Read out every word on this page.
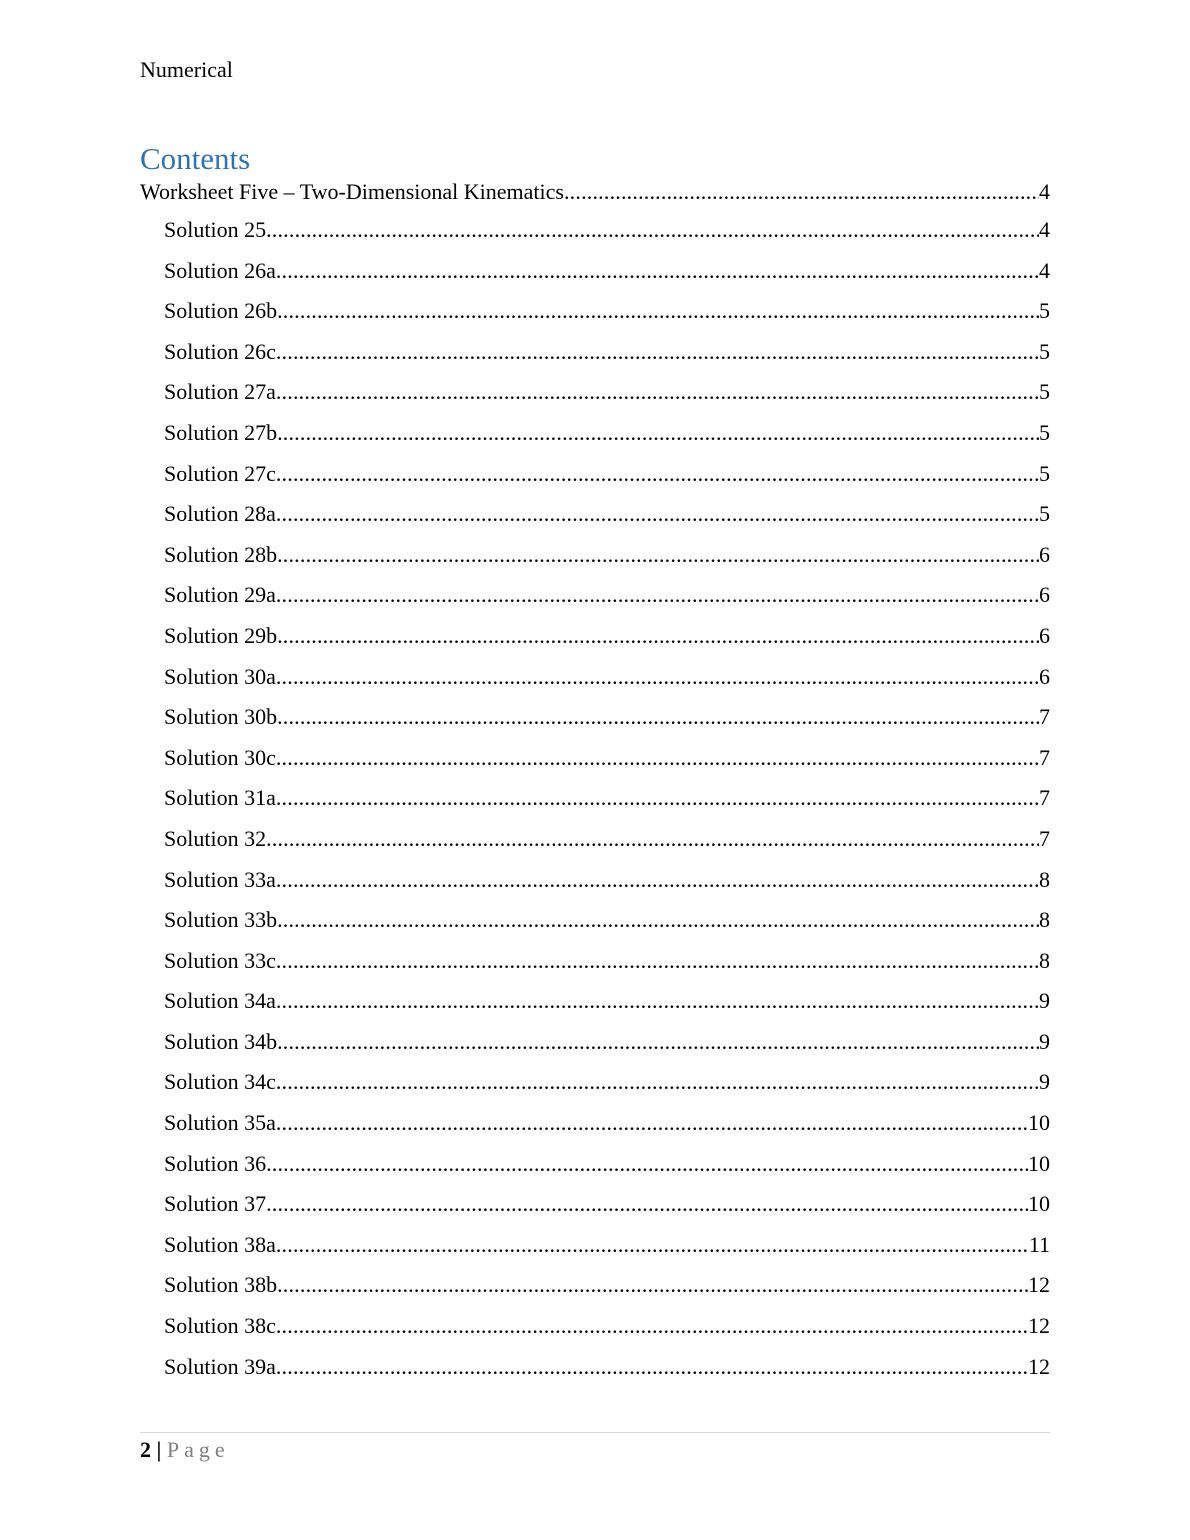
Numerical
Contents
Worksheet Five – Two-Dimensional Kinematics .....	4
Solution 25 .....	4
Solution 26a .....	4
Solution 26b .....	5
Solution 26c .....	5
Solution 27a .....	5
Solution 27b .....	5
Solution 27c .....	5
Solution 28a .....	5
Solution 28b .....	6
Solution 29a .....	6
Solution 29b .....	6
Solution 30a .....	6
Solution 30b .....	7
Solution 30c .....	7
Solution 31a .....	7
Solution 32 .....	7
Solution 33a .....	8
Solution 33b .....	8
Solution 33c .....	8
Solution 34a .....	9
Solution 34b .....	9
Solution 34c .....	9
Solution 35a .....	10
Solution 36 .....	10
Solution 37 .....	10
Solution 38a .....	11
Solution 38b .....	12
Solution 38c .....	12
Solution 39a .....	12
2 | Page
